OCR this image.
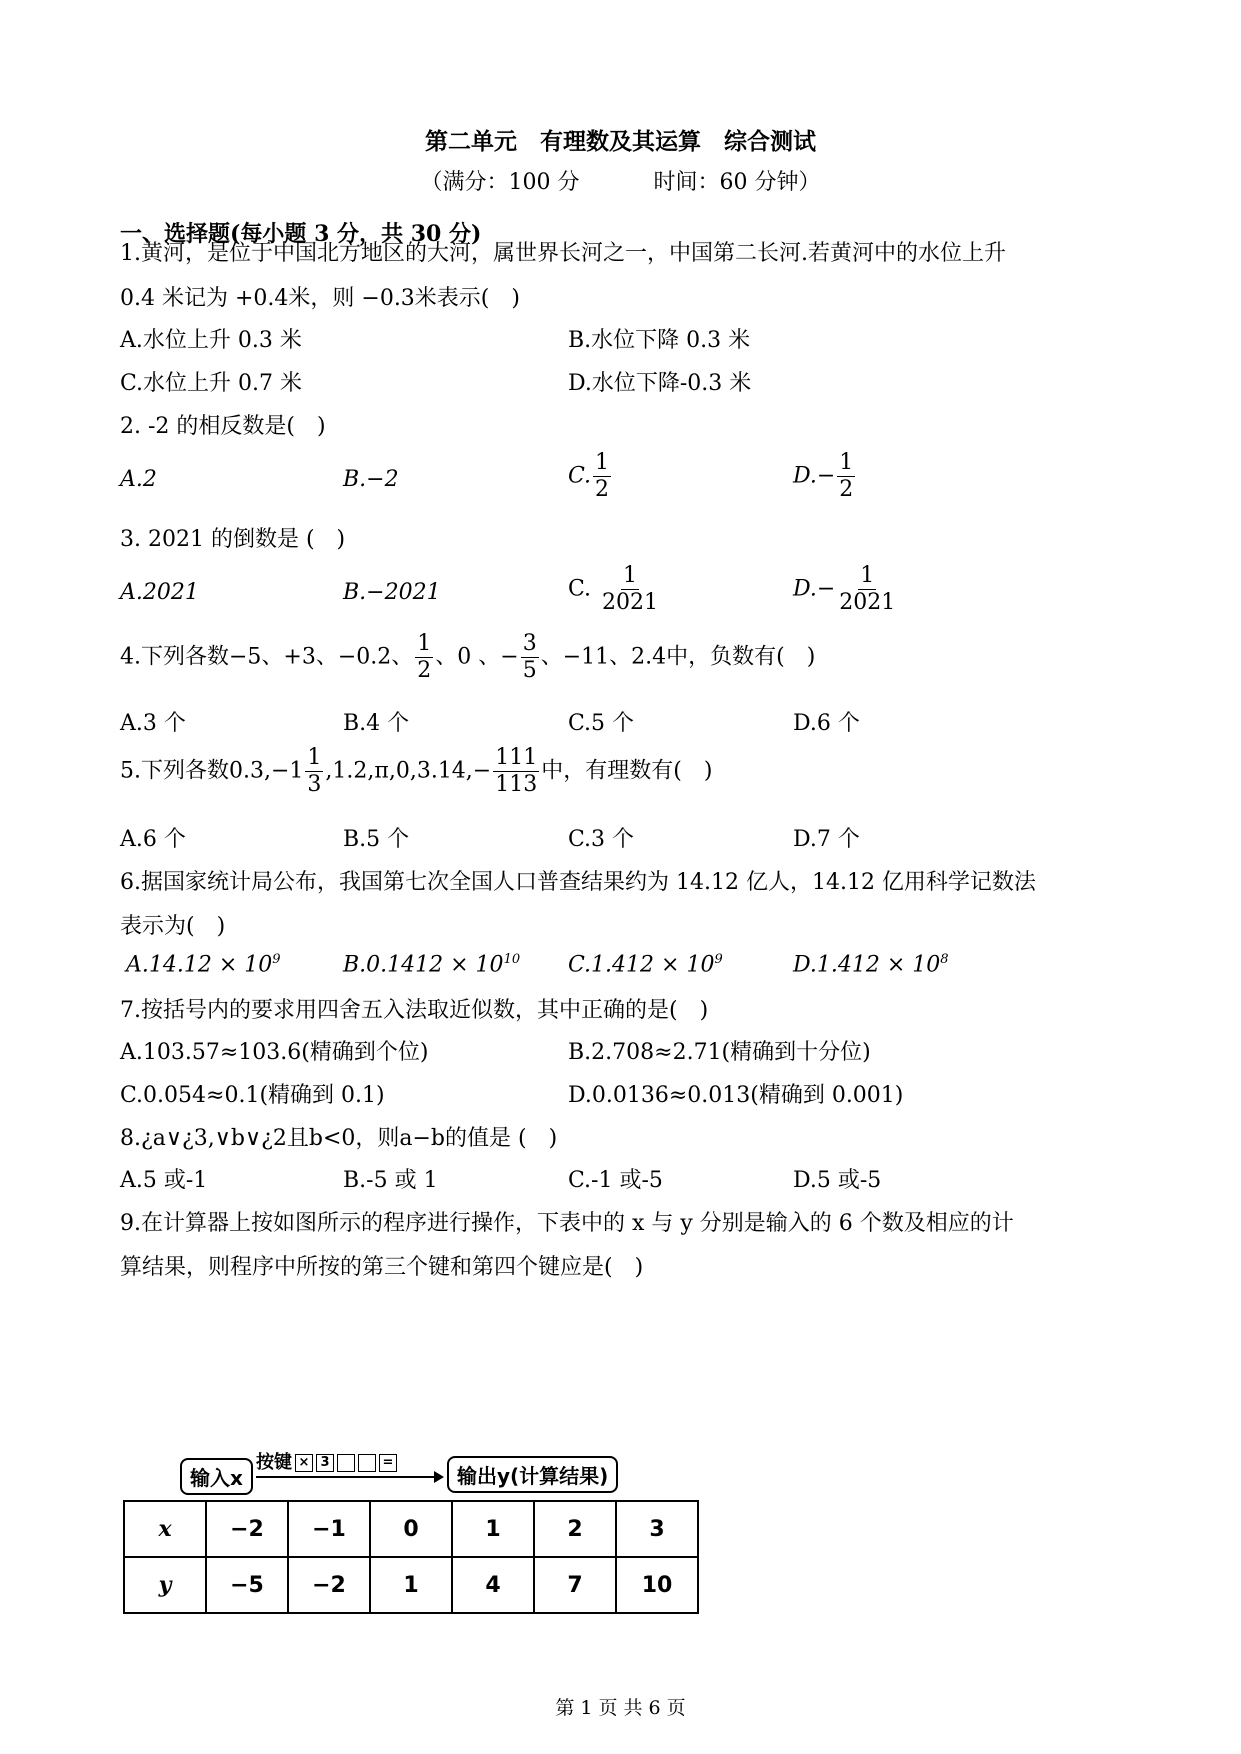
第二单元　有理数及其运算　综合测试
（满分：100 分	时间：60 分钟）
一、选择题(每小题 3 分，共 30 分)
1.黄河，是位于中国北方地区的大河，属世界长河之一，中国第二长河.若黄河中的水位上升
0.4 米记为 +0.4米，则 −0.3米表示(　)
A.水位上升 0.3 米	B.水位下降 0.3 米
C.水位上升 0.7 米	D.水位下降-0.3 米
2. -2 的相反数是(　)
A.2	B.−2	C. $\frac{1}{2}$	$D.- \frac{1}{2}$
3. 2021 的倒数是 (　)
A.2021	B.−2021	C. $\frac{1}{2021}$	$D.- \frac{1}{2021}$
4.下列各数−5、+3、−0.2、 $\frac{1}{2}$ 、0 、− $\frac{3}{5}$ 、−11、2.4中，负数有(　)
A.3 个	B.4 个	C.5 个	D.6 个
5.下列各数$0.3,-1 \frac{1}{3} ,1.2,\pi,0,3.14,- \frac{111}{113}$ 中，有理数有(　)
A.6 个	B.5 个	C.3 个	D.7 个
6.据国家统计局公布，我国第七次全国人口普查结果约为 14.12 亿人，14.12 亿用科学记数法
表示为(　)
$A.14.12 \times 10^9$	$B.0.1412 \times 10^{10}$ $C.1.412 \times 10^9$	$D.1.412 \times 10^8$
7.按括号内的要求用四舍五入法取近似数，其中正确的是(　)
A.103.57≈103.6(精确到个位)	B.2.708≈2.71(精确到十分位)
C.0.054≈0.1(精确到 0.1)	D.0.0136≈0.013(精确到 0.001)
8.¿a∨¿3,∨b∨¿2且b<0，则a−b的值是 (　)
A.5 或-1	B.-5 或 1	C.-1 或-5	D.5 或-5
9.在计算器上按如图所示的程序进行操作，下表中的 x 与 y 分别是输入的 6 个数及相应的计
算结果，则程序中所按的第三个键和第四个键应是(　)
输入x
按键 × 3	=
输出y(计算结果)
x	−2	−1	0	1	2	3
y	−5	−2	1	4	7	10
第 1 页 共 6 页
